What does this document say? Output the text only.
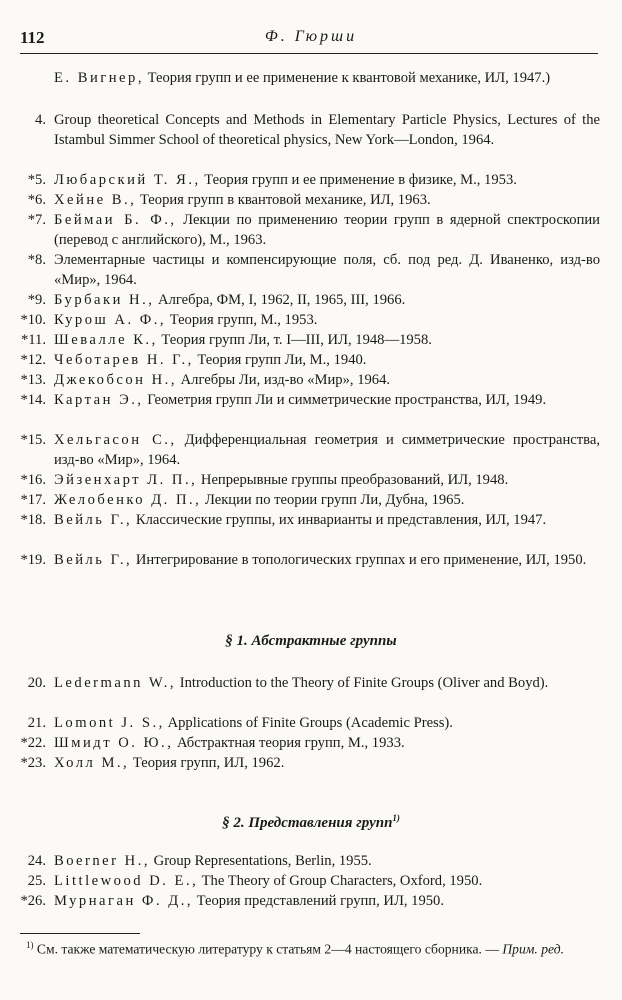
112	Ф. Гюрши
Е. Вигнер, Теория групп и ее применение к квантовой механике, ИЛ, 1947.)
4. Group theoretical Concepts and Methods in Elementary Particle Physics, Lectures of the Istambul Simmer School of theoretical physics, New York—London, 1964.
*5. Любарский Т. Я., Теория групп и ее применение в физике, М., 1953.
*6. Хейне В., Теория групп в квантовой механике, ИЛ, 1963.
*7. Беймаи Б. Ф., Лекции по применению теории групп в ядерной спектроскопии (перевод с английского), М., 1963.
*8. Элементарные частицы и компенсирующие поля, сб. под ред. Д. Иваненко, изд-во «Мир», 1964.
*9. Бурбаки Н., Алгебра, ФМ, I, 1962, II, 1965, III, 1966.
*10. Курош А. Ф., Теория групп, М., 1953.
*11. Шевалле К., Теория групп Ли, т. I—III, ИЛ, 1948—1958.
*12. Чеботарев Н. Г., Теория групп Ли, М., 1940.
*13. Джекобсон Н., Алгебры Ли, изд-во «Мир», 1964.
*14. Картан Э., Геометрия групп Ли и симметрические пространства, ИЛ, 1949.
*15. Хельгасон С., Дифференциальная геометрия и симметрические пространства, изд-во «Мир», 1964.
*16. Эйзенхарт Л. П., Непрерывные группы преобразований, ИЛ, 1948.
*17. Желобенко Д. П., Лекции по теории групп Ли, Дубна, 1965.
*18. Вейль Г., Классические группы, их инварианты и представления, ИЛ, 1947.
*19. Вейль Г., Интегрирование в топологических группах и его применение, ИЛ, 1950.
§ 1. Абстрактные группы
20. Ledermann W., Introduction to the Theory of Finite Groups (Oliver and Boyd).
21. Lomont J. S., Applications of Finite Groups (Academic Press).
*22. Шмидт О. Ю., Абстрактная теория групп, М., 1933.
*23. Холл М., Теория групп, ИЛ, 1962.
§ 2. Представления групп$^{1)}$
24. Boerner H., Group Representations, Berlin, 1955.
25. Littlewood D. E., The Theory of Group Characters, Oxford, 1950.
*26. Мурнаган Ф. Д., Теория представлений групп, ИЛ, 1950.
$^{1)}$ См. также математическую литературу к статьям 2—4 настоящего сборника. — Прим. ред.
